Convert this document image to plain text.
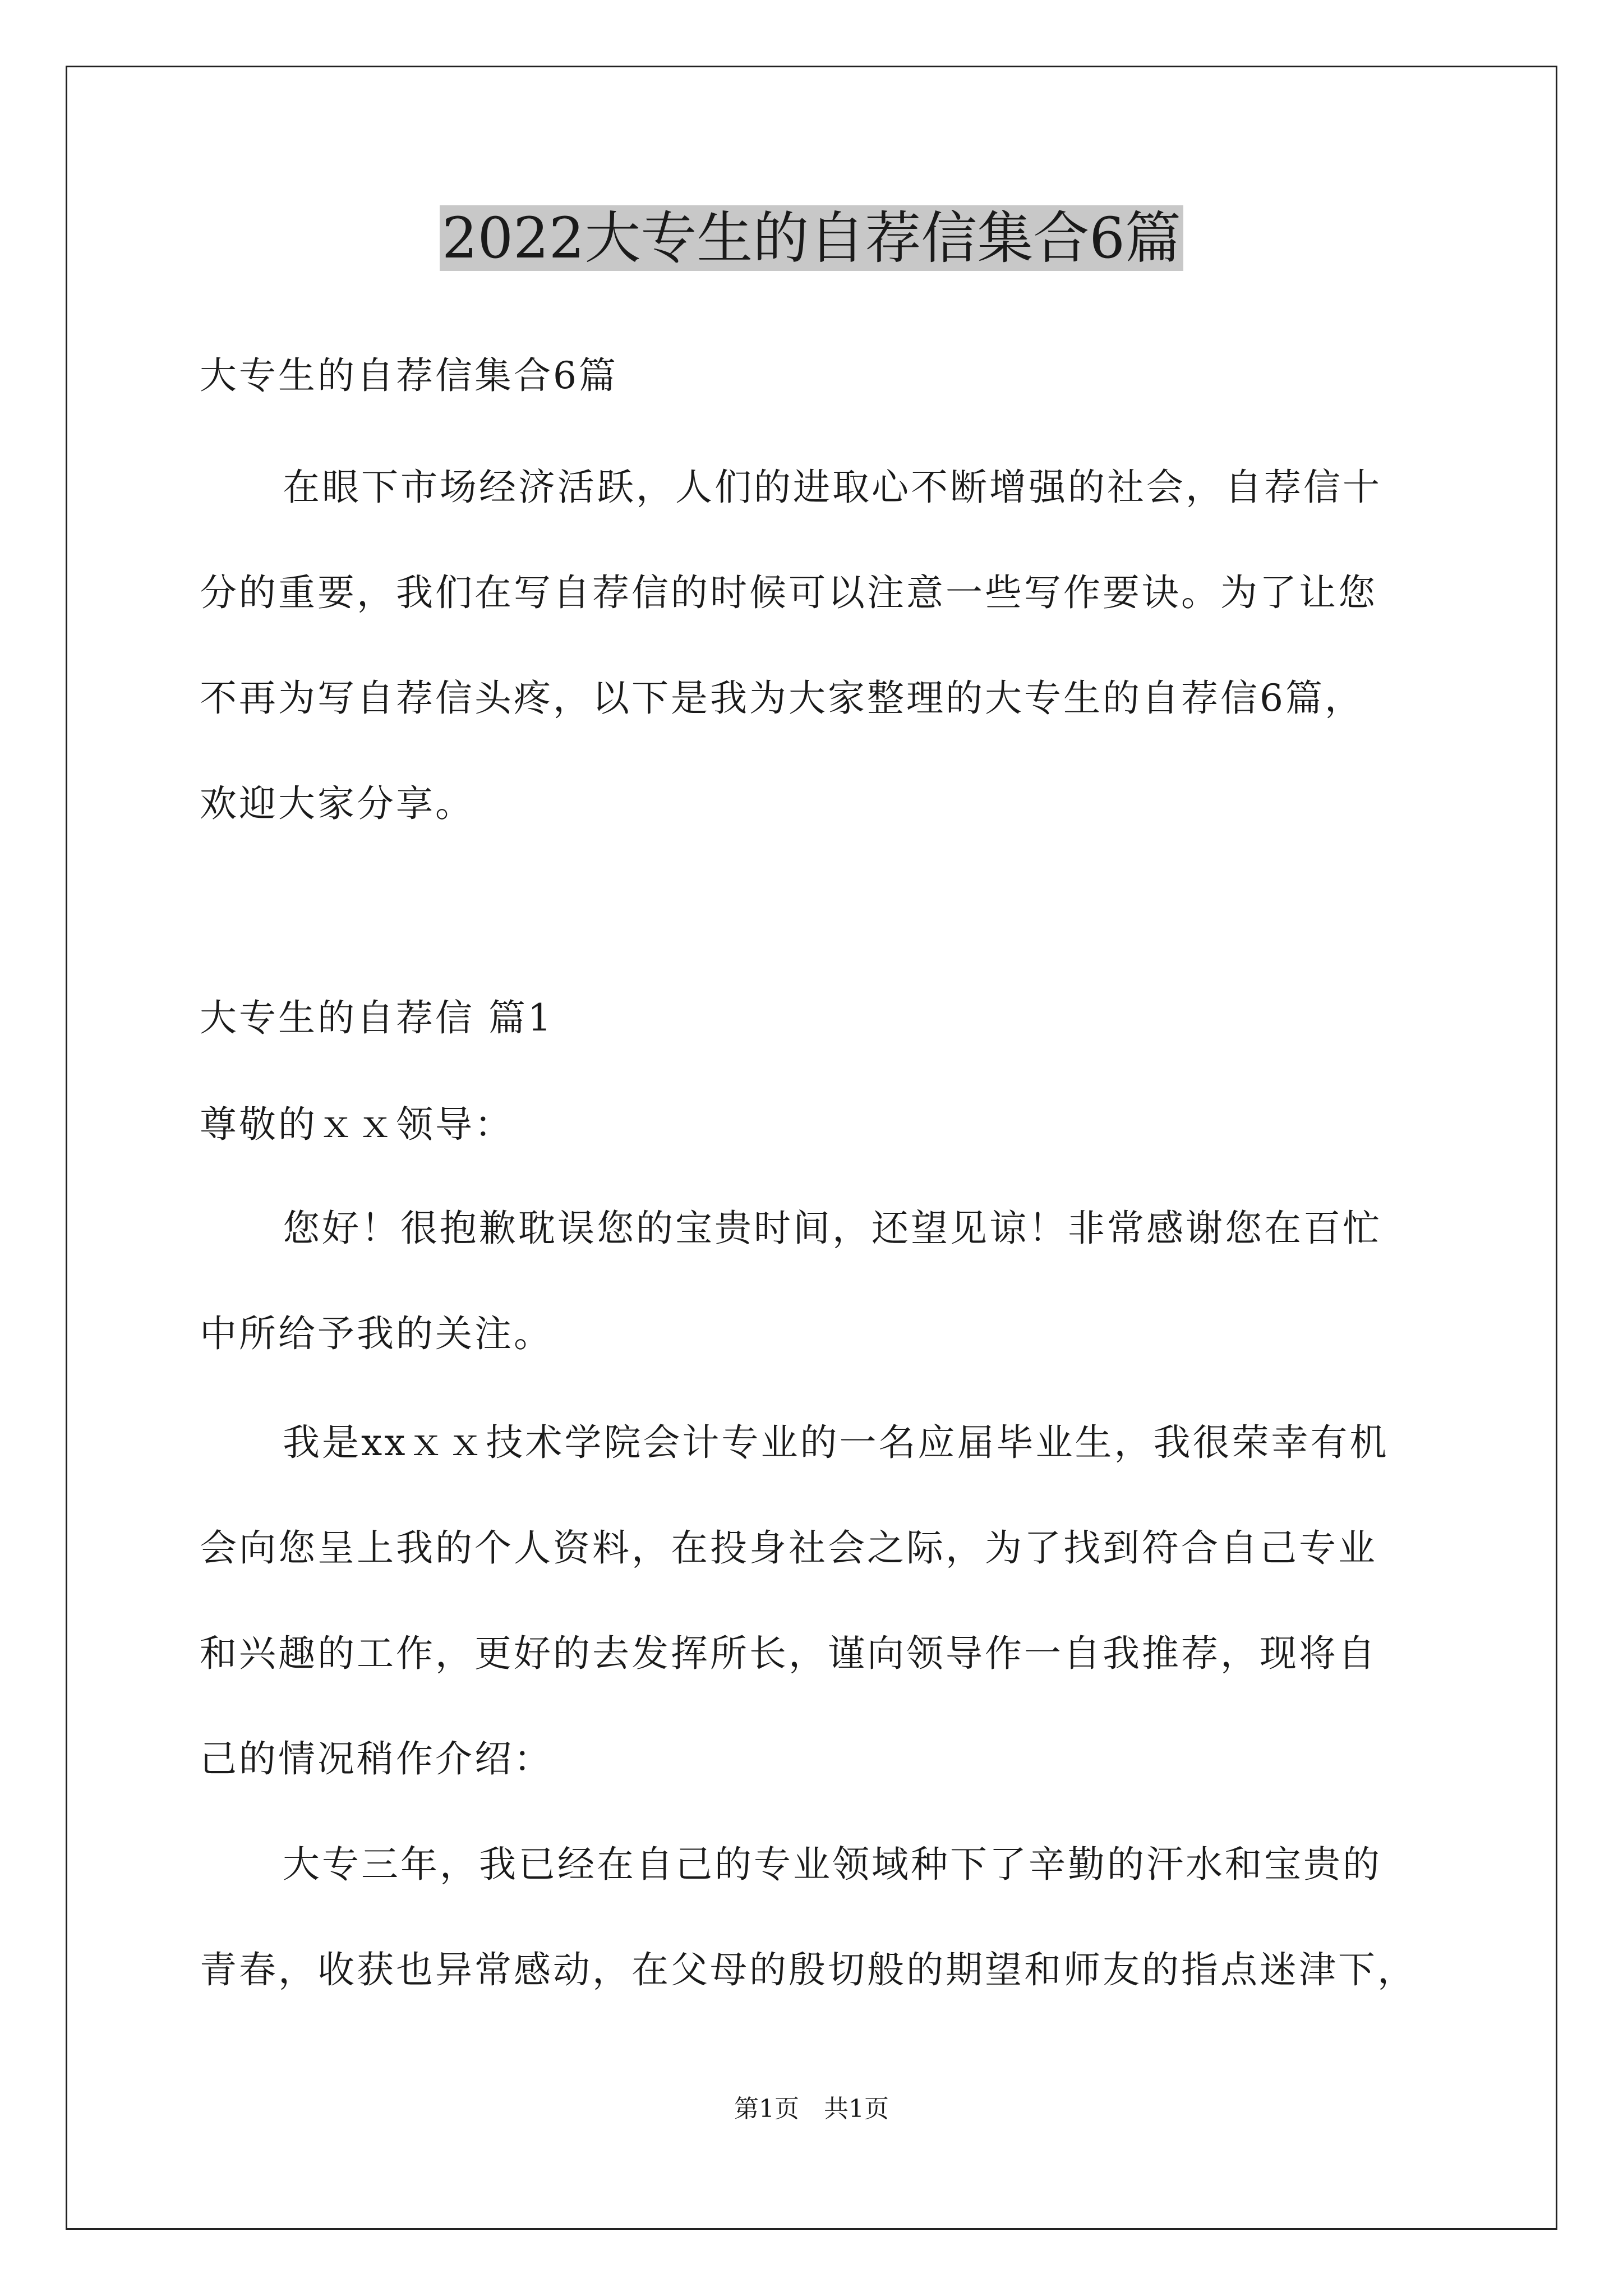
2022大专生的自荐信集合6篇
大专生的自荐信集合6篇
在眼下市场经济活跃，人们的进取心不断增强的社会，自荐信十
分的重要，我们在写自荐信的时候可以注意一些写作要诀。为了让您
不再为写自荐信头疼，以下是我为大家整理的大专生的自荐信6篇，
欢迎大家分享。
大专生的自荐信 篇1
尊敬的ｘｘ领导：
您好！很抱歉耽误您的宝贵时间，还望见谅！非常感谢您在百忙
中所给予我的关注。
我是xxｘｘ技术学院会计专业的一名应届毕业生，我很荣幸有机
会向您呈上我的个人资料，在投身社会之际，为了找到符合自己专业
和兴趣的工作，更好的去发挥所长，谨向领导作一自我推荐，现将自
己的情况稍作介绍：
大专三年，我已经在自己的专业领域种下了辛勤的汗水和宝贵的
青春，收获也异常感动，在父母的殷切般的期望和师友的指点迷津下，
第1页　共1页
